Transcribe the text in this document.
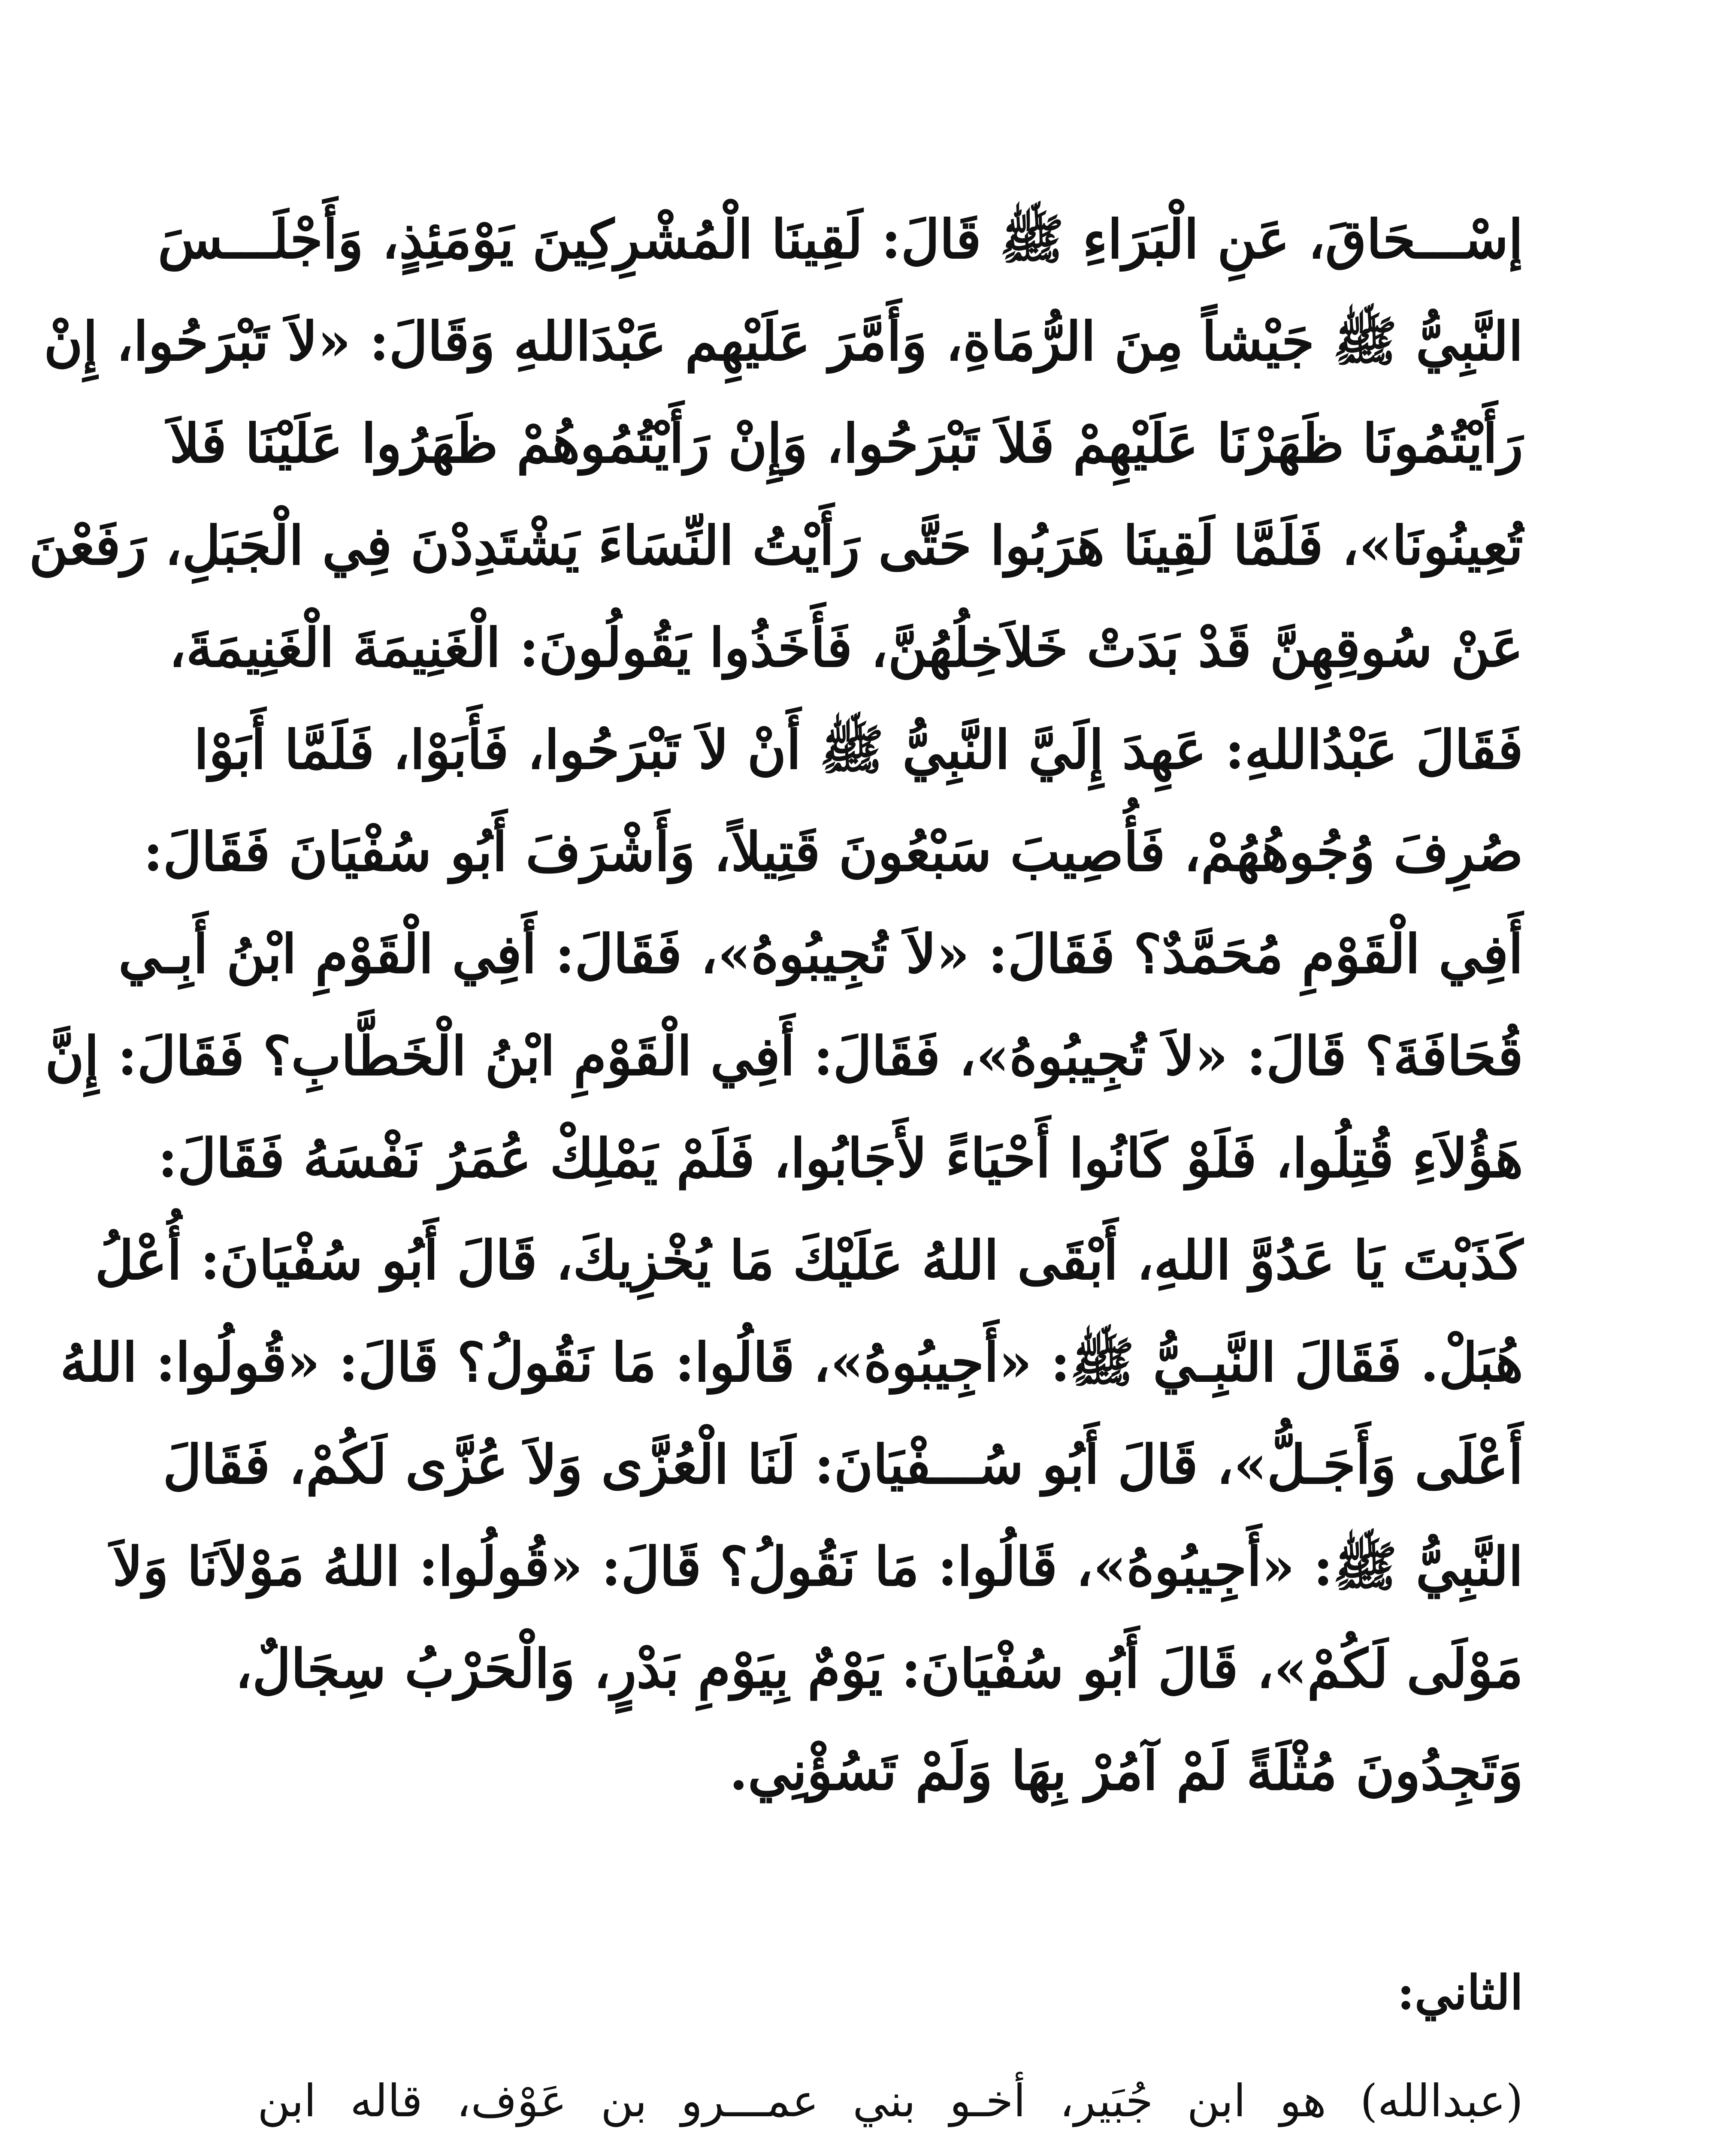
إسْـــحَاقَ، عَنِ الْبَرَاءِ ﷺ قَالَ: لَقِينَا الْمُشْرِكِينَ يَوْمَئِذٍ، وَأَجْلَـــسَ
النَّبِيُّ ﷺ جَيْشاً مِنَ الرُّمَاةِ، وَأَمَّرَ عَلَيْهِم عَبْدَاللهِ وَقَالَ: «لاَ تَبْرَحُوا، إِنْ
رَأَيْتُمُونَا ظَهَرْنَا عَلَيْهِمْ فَلاَ تَبْرَحُوا، وَإِنْ رَأَيْتُمُوهُمْ ظَهَرُوا عَلَيْنَا فَلاَ
تُعِينُونَا»، فَلَمَّا لَقِينَا هَرَبُوا حَتَّى رَأَيْتُ النِّسَاءَ يَشْتَدِدْنَ فِي الْجَبَلِ، رَفَعْنَ
عَنْ سُوقِهِنَّ قَدْ بَدَتْ خَلاَخِلُهُنَّ، فَأَخَذُوا يَقُولُونَ: الْغَنِيمَةَ الْغَنِيمَةَ،
فَقَالَ عَبْدُاللهِ: عَهِدَ إِلَيَّ النَّبِيُّ ﷺ أَنْ لاَ تَبْرَحُوا، فَأَبَوْا، فَلَمَّا أَبَوْا
صُرِفَ وُجُوهُهُمْ، فَأُصِيبَ سَبْعُونَ قَتِيلاً، وَأَشْرَفَ أَبُو سُفْيَانَ فَقَالَ:
أَفِي الْقَوْمِ مُحَمَّدٌ؟ فَقَالَ: «لاَ تُجِيبُوهُ»، فَقَالَ: أَفِي الْقَوْمِ ابْنُ أَبِـي
قُحَافَةَ؟ قَالَ: «لاَ تُجِيبُوهُ»، فَقَالَ: أَفِي الْقَوْمِ ابْنُ الْخَطَّابِ؟ فَقَالَ: إِنَّ
هَؤُلاَءِ قُتِلُوا، فَلَوْ كَانُوا أَحْيَاءً لأَجَابُوا، فَلَمْ يَمْلِكْ عُمَرُ نَفْسَهُ فَقَالَ:
كَذَبْتَ يَا عَدُوَّ اللهِ، أَبْقَى اللهُ عَلَيْكَ مَا يُخْزِيكَ، قَالَ أَبُو سُفْيَانَ: أُعْلُ
هُبَلْ. فَقَالَ النَّبِـيُّ ﷺ: «أَجِيبُوهُ»، قَالُوا: مَا نَقُولُ؟ قَالَ: «قُولُوا: اللهُ
أَعْلَى وَأَجَـلُّ»، قَالَ أَبُو سُـــفْيَانَ: لَنَا الْعُزَّى وَلاَ عُزَّى لَكُمْ، فَقَالَ
النَّبِيُّ ﷺ: «أَجِيبُوهُ»، قَالُوا: مَا نَقُولُ؟ قَالَ: «قُولُوا: اللهُ مَوْلاَنَا وَلاَ
مَوْلَى لَكُمْ»، قَالَ أَبُو سُفْيَانَ: يَوْمٌ بِيَوْمِ بَدْرٍ، وَالْحَرْبُ سِجَالٌ،
وَتَجِدُونَ مُثْلَةً لَمْ آمُرْ بِهَا وَلَمْ تَسُؤْنِي.
الثاني:
(عبدالله) هو ابن جُبَير، أخـو بني عمـــرو بن عَوْف، قاله ابن
